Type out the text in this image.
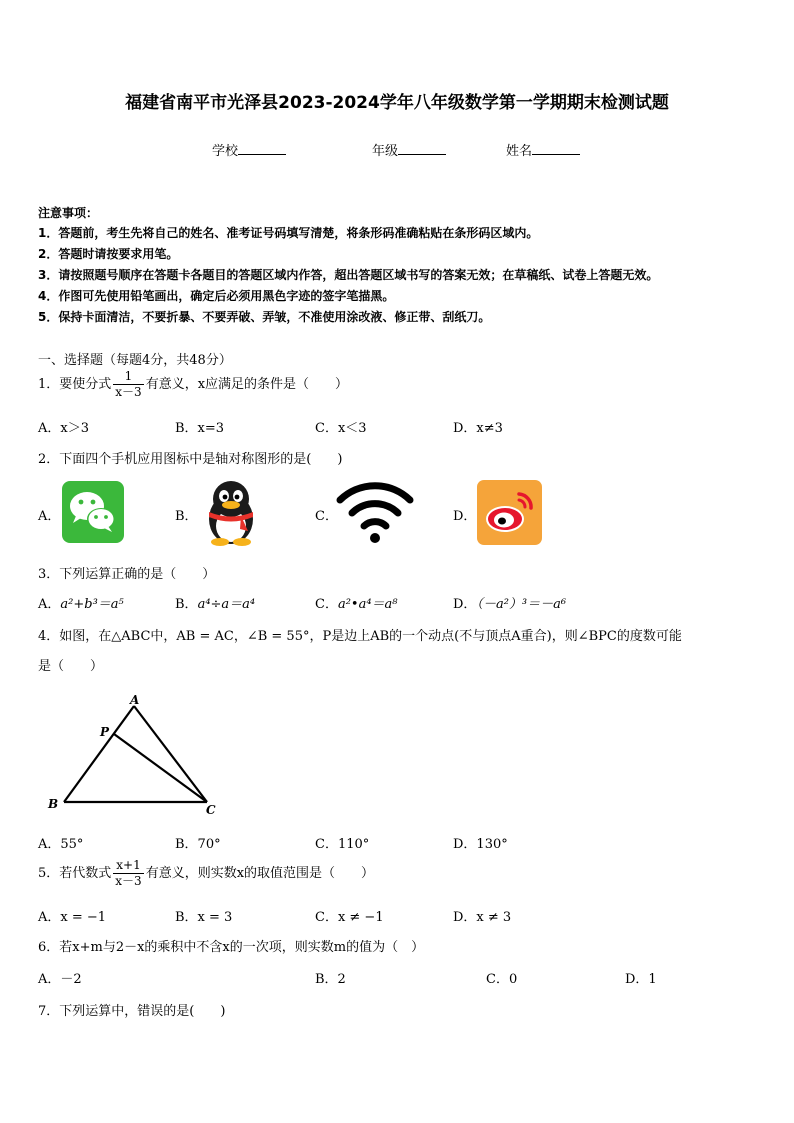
福建省南平市光泽县2023-2024学年八年级数学第一学期期末检测试题
学校	年级	姓名
注意事项：
1．答题前，考生先将自己的姓名、准考证号码填写清楚，将条形码准确粘贴在条形码区域内。
2．答题时请按要求用笔。
3．请按照题号顺序在答题卡各题目的答题区域内作答，超出答题区域书写的答案无效；在草稿纸、试卷上答题无效。
4．作图可先使用铅笔画出，确定后必须用黑色字迹的签字笔描黑。
5．保持卡面清洁，不要折暴、不要弄破、弄皱，不准使用涂改液、修正带、刮纸刀。
一、选择题（每题4分，共48分）
1．要使分式 $\frac{1}{x-3}$ 有意义，x应满足的条件是（　　）
A．x＞3	B．x=3	C．x＜3	D．x≠3
2．下面四个手机应用图标中是轴对称图形的是(　　)
A．	B．	C．	D．
3．下列运算正确的是（　　）
A．a²+b³＝a⁵	B．a⁴÷a＝a⁴	C．a²•a⁴＝a⁸	D．（－a²）³＝－a⁶
4．如图，在△ABC中，AB = AC，∠B = 55°，P是边上AB的一个动点(不与顶点A重合)，则∠BPC的度数可能
是（　　）
A
P
B	C
A．55°	B．70°	C．110°	D．130°
5．若代数式 $\frac{x+1}{x-3}$ 有意义，则实数x的取值范围是（　　）
A．x = −1	B．x = 3	C．x ≠ −1	D．x ≠ 3
6．若x+m与2－x的乘积中不含x的一次项，则实数m的值为（　）
A．－2	B．2	C．0	D．1
7．下列运算中，错误的是(　　)
